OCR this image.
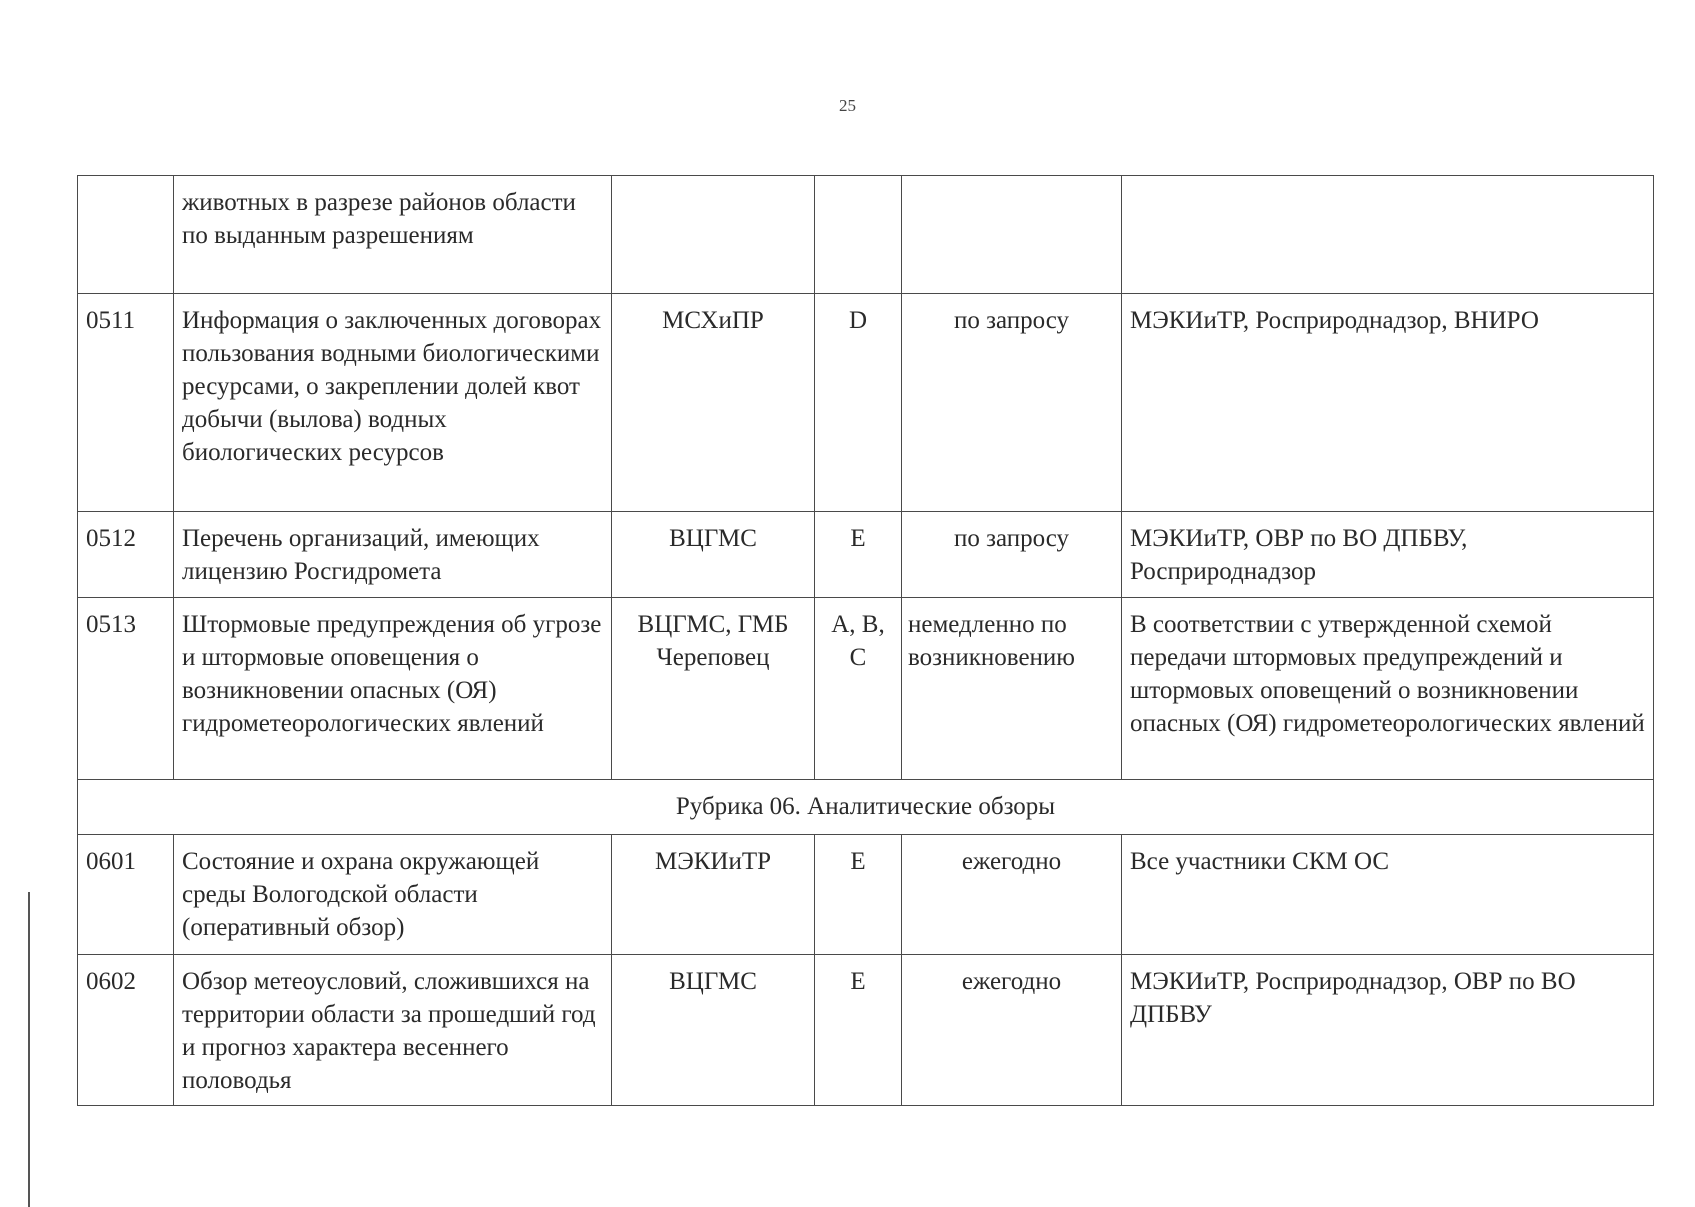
25
	животных в разрезе районов области по выданным разрешениям				
0511	Информация о заключенных договорах пользования водными биологическими ресурсами, о закреплении долей квот добычи (вылова) водных биологических ресурсов	МСХиПР	D	по запросу	МЭКИиТР, Росприроднадзор, ВНИРО
0512	Перечень организаций, имеющих лицензию Росгидромета	ВЦГМС	E	по запросу	МЭКИиТР, ОВР по ВО ДПБВУ, Росприроднадзор
0513	Штормовые предупреждения об угрозе и штормовые оповещения о возникновении опасных (ОЯ) гидрометеорологических явлений	ВЦГМС, ГМБ Череповец	A, B, C	немедленно по возникновению	В соответствии с утвержденной схемой передачи штормовых предупреждений и штормовых оповещений о возникновении опасных (ОЯ) гидрометеорологических явлений
Рубрика 06. Аналитические обзоры					
0601	Состояние и охрана окружающей среды Вологодской области (оперативный обзор)	МЭКИиТР	E	ежегодно	Все участники СКМ ОС
0602	Обзор метеоусловий, сложившихся на территории области за прошедший год и прогноз характера весеннего половодья	ВЦГМС	E	ежегодно	МЭКИиТР, Росприроднадзор, ОВР по ВО ДПБВУ
